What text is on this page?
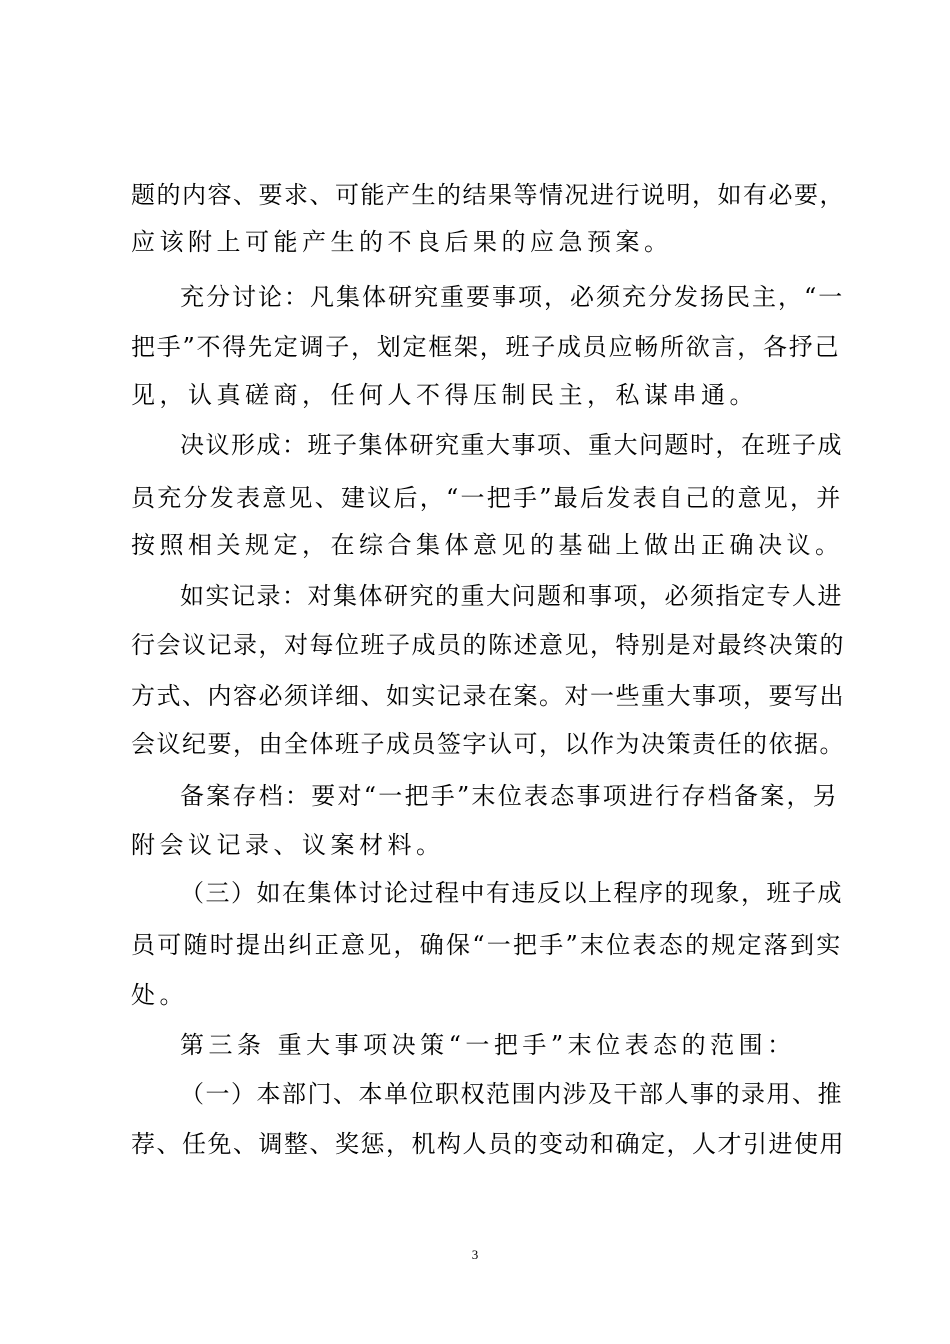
题的内容、要求、可能产生的结果等情况进行说明，如有必要，
应该附上可能产生的不良后果的应急预案。
充分讨论：凡集体研究重要事项，必须充分发扬民主，“一
把手”不得先定调子，划定框架，班子成员应畅所欲言，各抒己
见，认真磋商，任何人不得压制民主，私谋串通。
决议形成：班子集体研究重大事项、重大问题时，在班子成
员充分发表意见、建议后，“一把手”最后发表自己的意见，并
按照相关规定，在综合集体意见的基础上做出正确决议。
如实记录：对集体研究的重大问题和事项，必须指定专人进
行会议记录，对每位班子成员的陈述意见，特别是对最终决策的
方式、内容必须详细、如实记录在案。对一些重大事项，要写出
会议纪要，由全体班子成员签字认可，以作为决策责任的依据。
备案存档：要对“一把手”末位表态事项进行存档备案，另
附会议记录、议案材料。
（三）如在集体讨论过程中有违反以上程序的现象，班子成
员可随时提出纠正意见，确保“一把手”末位表态的规定落到实
处。
第三条 重大事项决策“一把手”末位表态的范围：
（一）本部门、本单位职权范围内涉及干部人事的录用、推
荐、任免、调整、奖惩，机构人员的变动和确定，人才引进使用
3
